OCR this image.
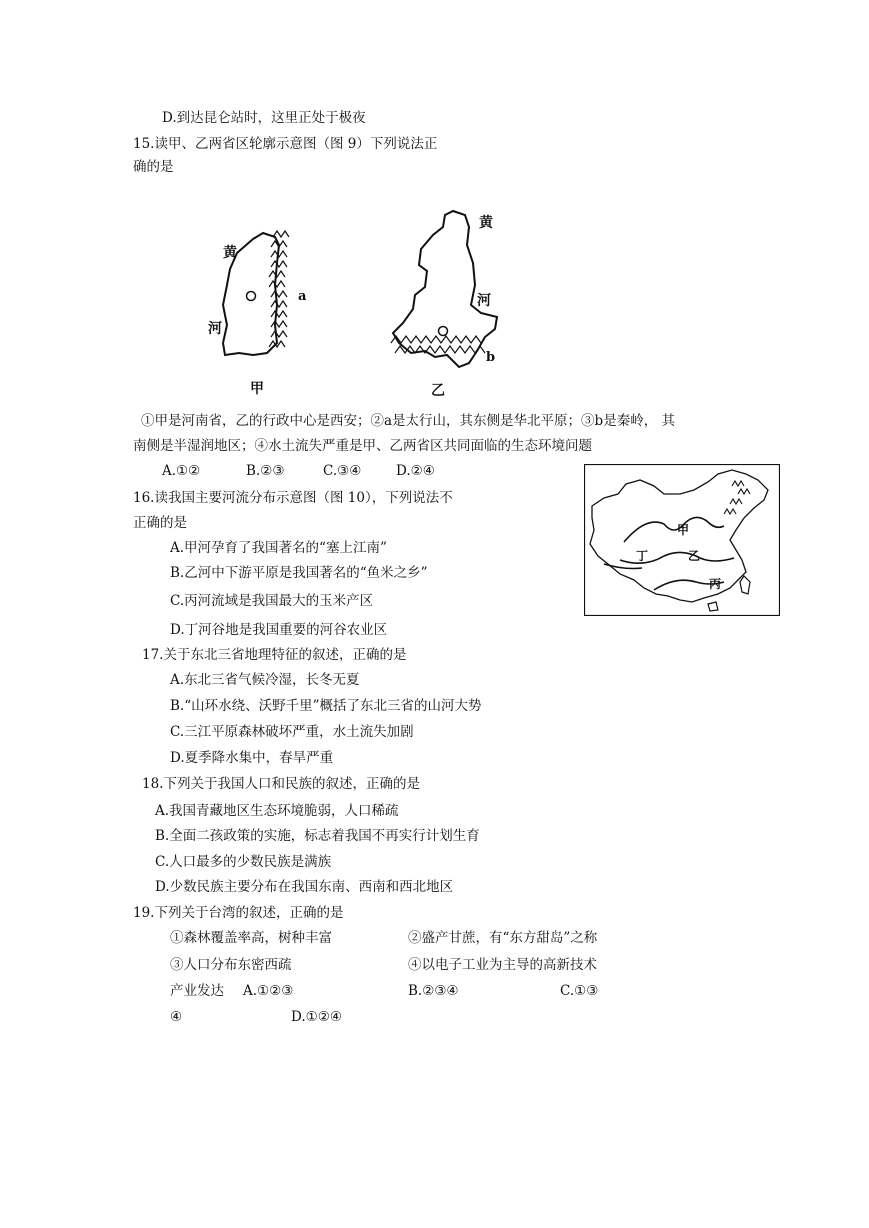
D.到达昆仑站时，这里正处于极夜
15.读甲、乙两省区轮廓示意图（图 9）下列说法正
确的是
黄
河
a
甲
黄
河
b
乙
①甲是河南省，乙的行政中心是西安；②a是太行山，其东侧是华北平原；③b是秦岭， 其
南侧是半湿润地区；④水土流失严重是甲、乙两省区共同面临的生态环境问题
A.①②	B.②③	C.③④	D.②④
16.读我国主要河流分布示意图（图 10），下列说法不
正确的是
A.甲河孕育了我国著名的“塞上江南”
B.乙河中下游平原是我国著名的“鱼米之乡”
C.丙河流域是我国最大的玉米产区
D.丁河谷地是我国重要的河谷农业区
甲
乙
丙
丁
17.关于东北三省地理特征的叙述，正确的是
A.东北三省气候冷湿，长冬无夏
B.“山环水绕、沃野千里”概括了东北三省的山河大势
C.三江平原森林破坏严重，水土流失加剧
D.夏季降水集中，春旱严重
18.下列关于我国人口和民族的叙述，正确的是
A.我国青藏地区生态环境脆弱，人口稀疏
B.全面二孩政策的实施，标志着我国不再实行计划生育
C.人口最多的少数民族是满族
D.少数民族主要分布在我国东南、西南和西北地区
19.下列关于台湾的叙述，正确的是
①森林覆盖率高，树种丰富	②盛产甘蔗，有“东方甜岛”之称
③人口分布东密西疏	④以电子工业为主导的高新技术
产业发达 A.①②③	B.②③④	C.①③
④	D.①②④
